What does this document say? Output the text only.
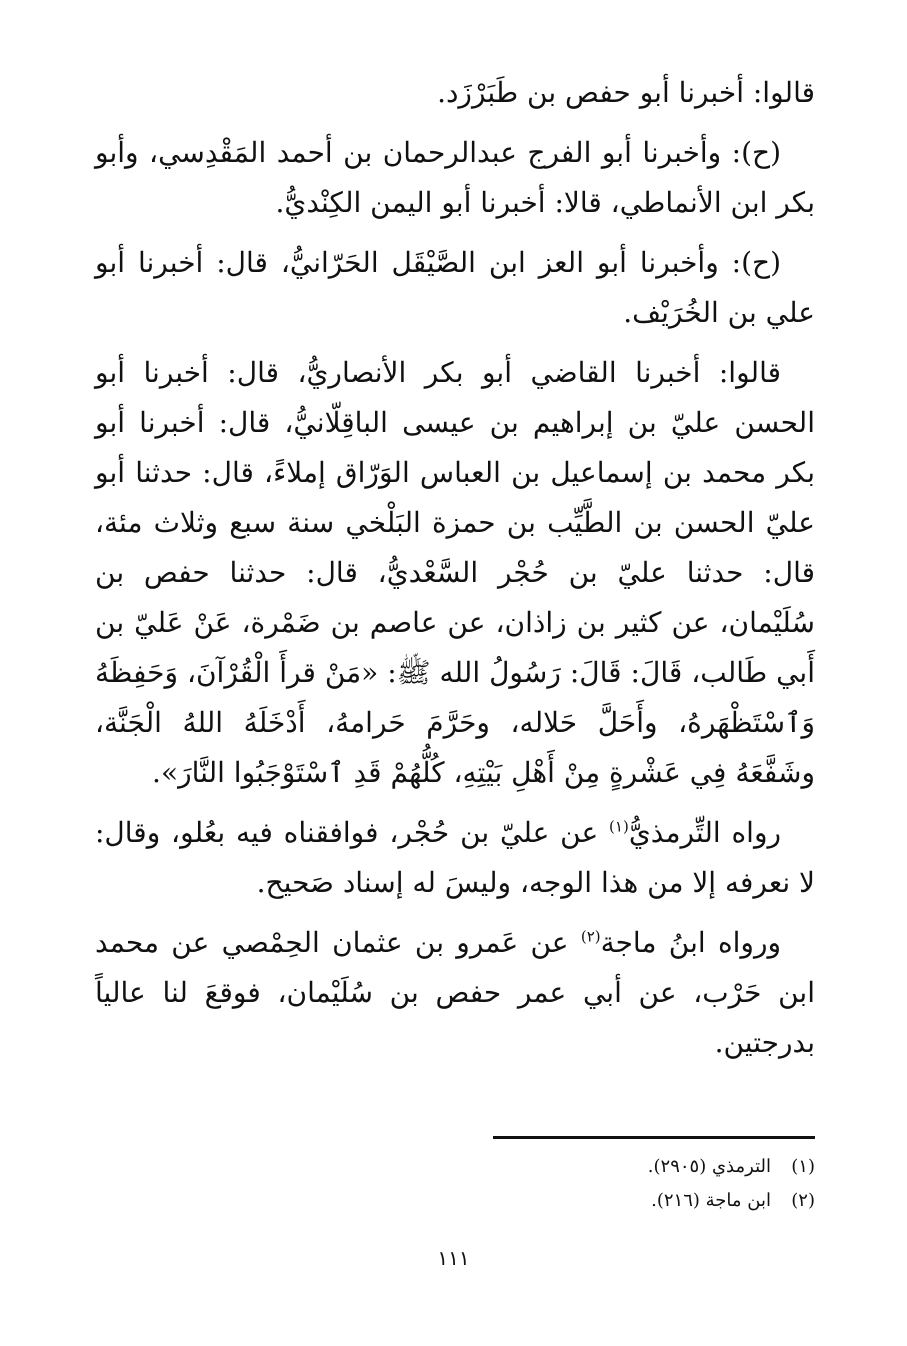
قالوا: أخبرنا أبو حفص بن طَبَرْزَد.

(ح): وأخبرنا أبو الفرج عبدالرحمان بن أحمد المَقْدِسي، وأبو بكر ابن الأنماطي، قالا: أخبرنا أبو اليمن الكِنْديُّ.

(ح): وأخبرنا أبو العز ابن الصَّيْقَل الحَرّانيُّ، قال: أخبرنا أبو علي بن الخُرَيْف.

قالوا: أخبرنا القاضي أبو بكر الأنصاريُّ، قال: أخبرنا أبو الحسن عليّ بن إبراهيم بن عيسى الباقِلّانيُّ، قال: أخبرنا أبو بكر محمد بن إسماعيل بن العباس الوَرّاق إملاءً، قال: حدثنا أبو عليّ الحسن بن الطَّيِّب بن حمزة البَلْخي سنة سبع وثلاث مئة، قال: حدثنا عليّ بن حُجْر السَّعْديُّ، قال: حدثنا حفص بن سُلَيْمان، عن كثير بن زاذان، عن عاصم بن ضَمْرة، عَنْ عَليّ بن أَبي طَالب، قَالَ: قَالَ: رَسُولُ الله ﷺ: «مَنْ قرأَ الْقُرْآنَ، وَحَفِظَهُ وَٱسْتَظْهَرهُ، وأَحَلَّ حَلاله، وحَرَّمَ حَرامهُ، أَدْخَلَهُ اللهُ الْجَنَّة، وشَفَّعَهُ فِي عَشْرةٍ مِنْ أَهْلِ بَيْتِهِ، كُلُّهُمْ قَدِ ٱسْتَوْجَبُوا النَّارَ».

رواه التِّرمذيُّ$^{(١)}$ عن عليّ بن حُجْر، فوافقناه فيه بعُلو، وقال: لا نعرفه إلا من هذا الوجه، وليسَ له إسناد صَحيح.

ورواه ابنُ ماجة$^{(٢)}$ عن عَمرو بن عثمان الحِمْصي عن محمد ابن حَرْب، عن أبي عمر حفص بن سُلَيْمان، فوقعَ لنا عالياً بدرجتين.

(١)الترمذي (٢٩٠٥).
(٢)ابن ماجة (٢١٦).
١١١
